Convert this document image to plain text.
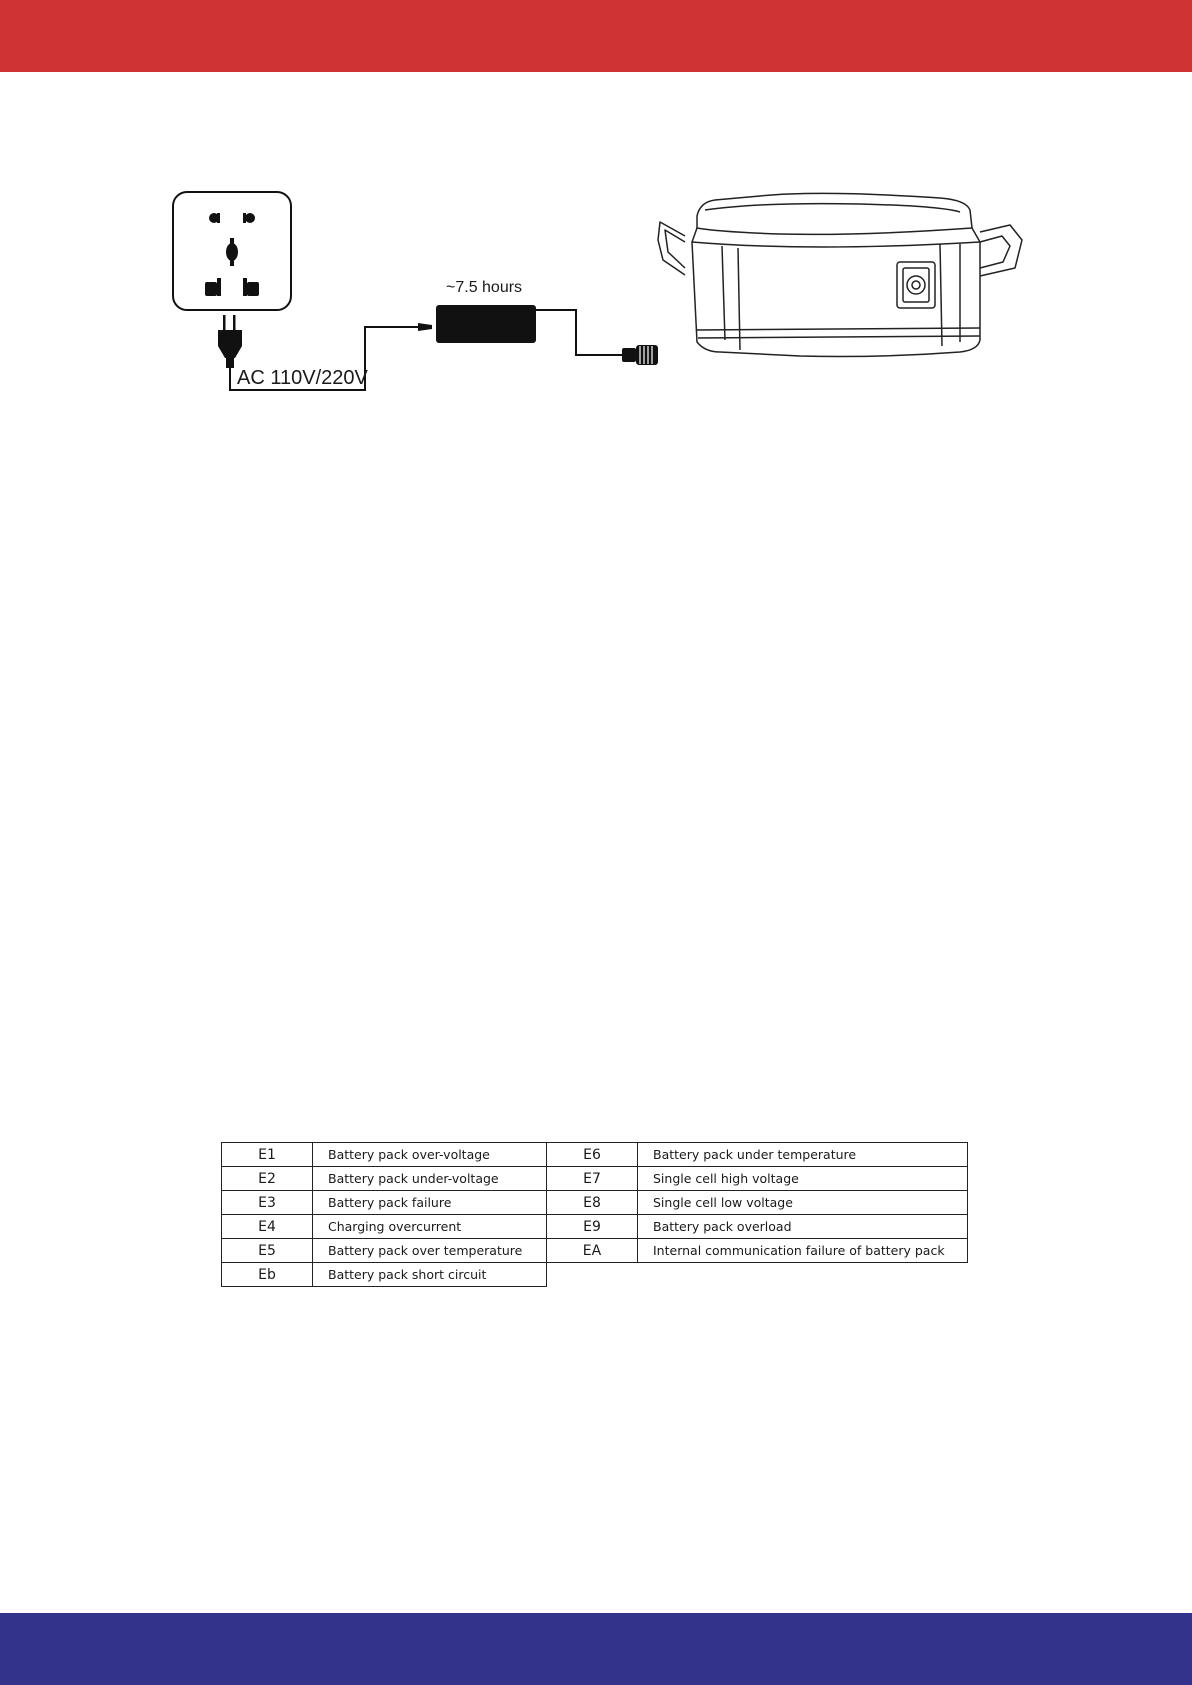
AC 110V/220V
~7.5 hours
E1	Battery pack over-voltage	E6	Battery pack under temperature
E2	Battery pack under-voltage	E7	Single cell high voltage
E3	Battery pack failure	E8	Single cell low voltage
E4	Charging overcurrent	E9	Battery pack overload
E5	Battery pack over temperature	EA	Internal communication failure of battery pack
Eb	Battery pack short circuit		
